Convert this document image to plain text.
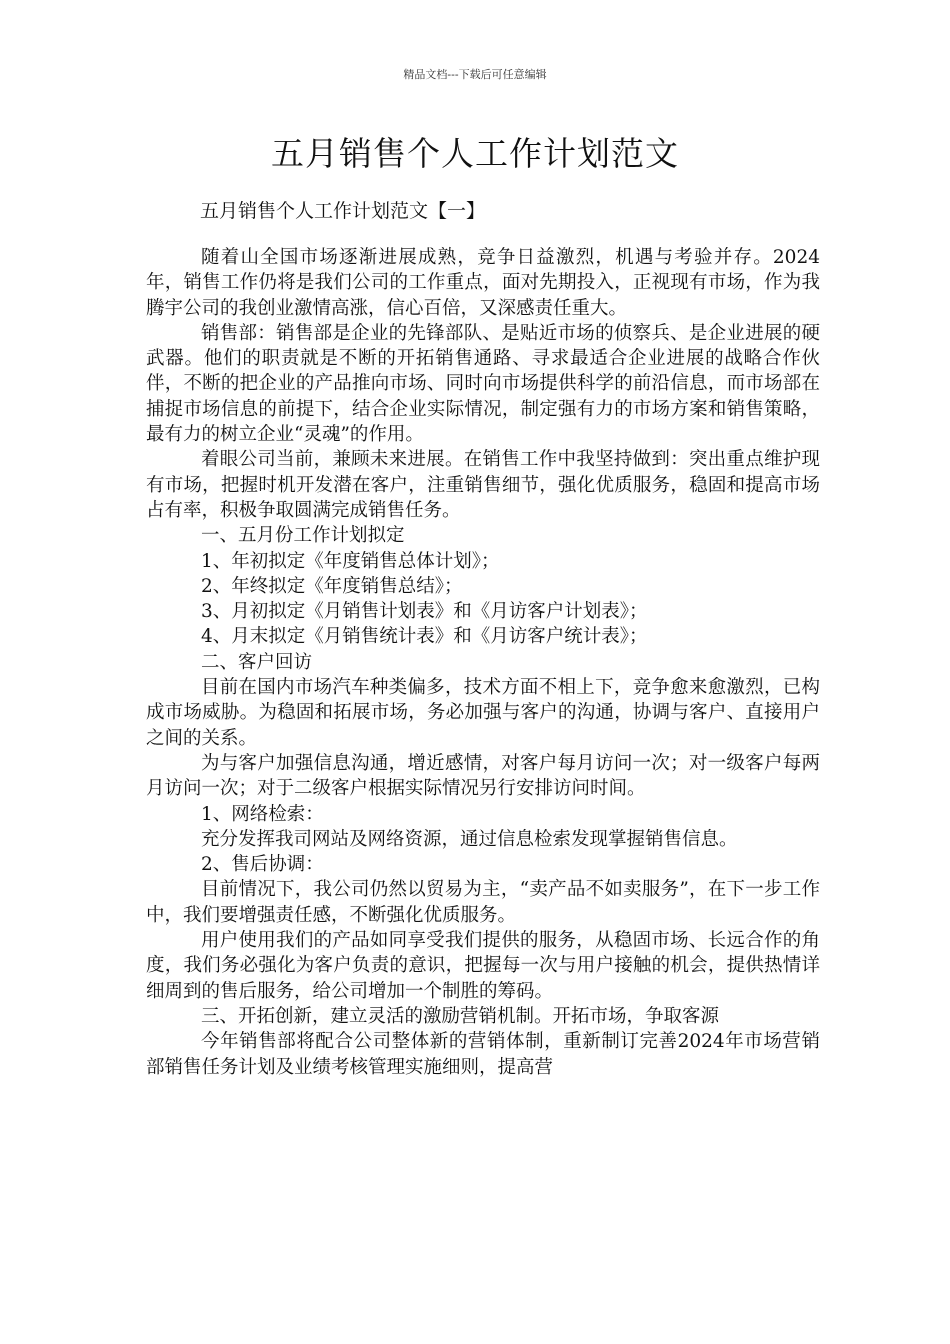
精品文档---下载后可任意编辑
五月销售个人工作计划范文

五月销售个人工作计划范文【一】

随着山全国市场逐渐进展成熟，竞争日益激烈，机遇与考验并存。2024年，销售工作仍将是我们公司的工作重点，面对先期投入，正视现有市场，作为我腾宇公司的我创业激情高涨，信心百倍，又深感责任重大。

销售部：销售部是企业的先锋部队、是贴近市场的侦察兵、是企业进展的硬武器。他们的职责就是不断的开拓销售通路、寻求最适合企业进展的战略合作伙伴，不断的把企业的产品推向市场、同时向市场提供科学的前沿信息，而市场部在捕捉市场信息的前提下，结合企业实际情况，制定强有力的市场方案和销售策略，最有力的树立企业“灵魂”的作用。

着眼公司当前，兼顾未来进展。在销售工作中我坚持做到：突出重点维护现有市场，把握时机开发潜在客户，注重销售细节，强化优质服务，稳固和提高市场占有率，积极争取圆满完成销售任务。

一、五月份工作计划拟定

1、年初拟定《年度销售总体计划》；

2、年终拟定《年度销售总结》；

3、月初拟定《月销售计划表》和《月访客户计划表》；

4、月末拟定《月销售统计表》和《月访客户统计表》；

二、客户回访

目前在国内市场汽车种类偏多，技术方面不相上下，竞争愈来愈激烈，已构成市场威胁。为稳固和拓展市场，务必加强与客户的沟通，协调与客户、直接用户之间的关系。

为与客户加强信息沟通，增近感情，对客户每月访问一次；对一级客户每两月访问一次；对于二级客户根据实际情况另行安排访问时间。

1、网络检索：

充分发挥我司网站及网络资源，通过信息检索发现掌握销售信息。

2、售后协调：

目前情况下，我公司仍然以贸易为主，“卖产品不如卖服务”，在下一步工作中，我们要增强责任感，不断强化优质服务。

用户使用我们的产品如同享受我们提供的服务，从稳固市场、长远合作的角度，我们务必强化为客户负责的意识，把握每一次与用户接触的机会，提供热情详细周到的售后服务，给公司增加一个制胜的筹码。

三、开拓创新，建立灵活的激励营销机制。开拓市场，争取客源

今年销售部将配合公司整体新的营销体制，重新制订完善2024年市场营销部销售任务计划及业绩考核管理实施细则，提高营
